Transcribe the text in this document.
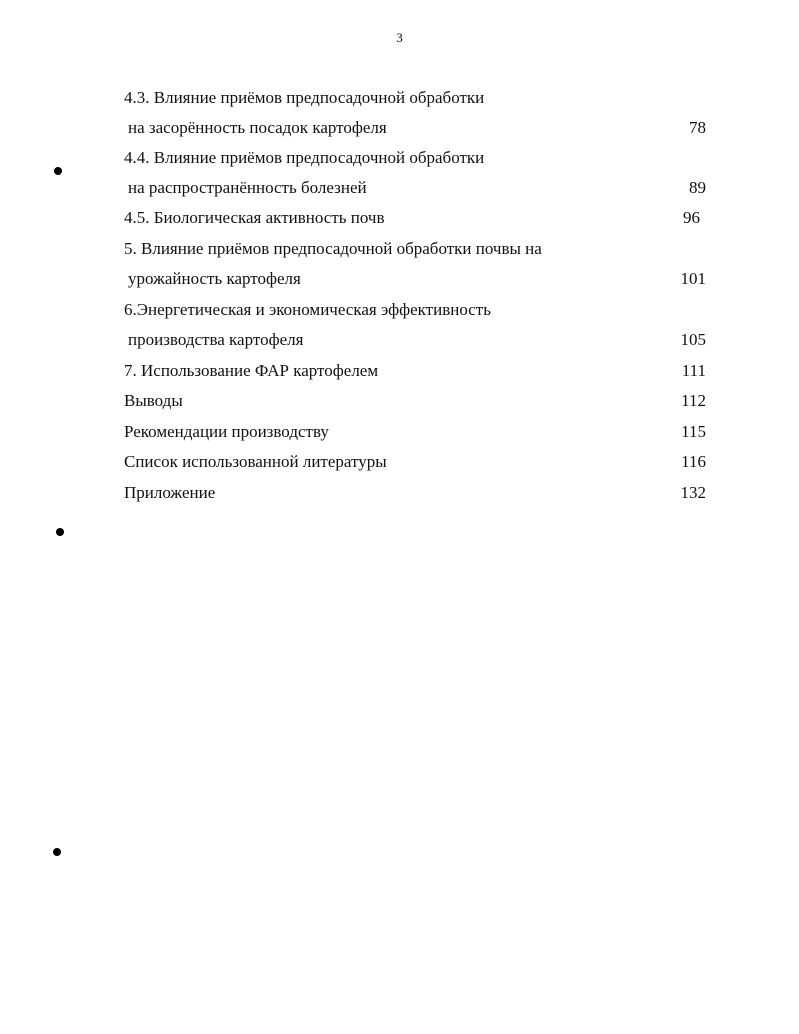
3
4.3. Влияние приёмов предпосадочной обработки
на засорённость посадок картофеля	78
4.4. Влияние приёмов предпосадочной обработки
на распространённость болезней	89
4.5. Биологическая активность почв	96
5. Влияние приёмов предпосадочной обработки почвы на
урожайность картофеля	101
6.Энергетическая и экономическая эффективность
производства картофеля	105
7. Использование ФАР картофелем	111
Выводы	112
Рекомендации производству	115
Список использованной литературы	116
Приложение	132
